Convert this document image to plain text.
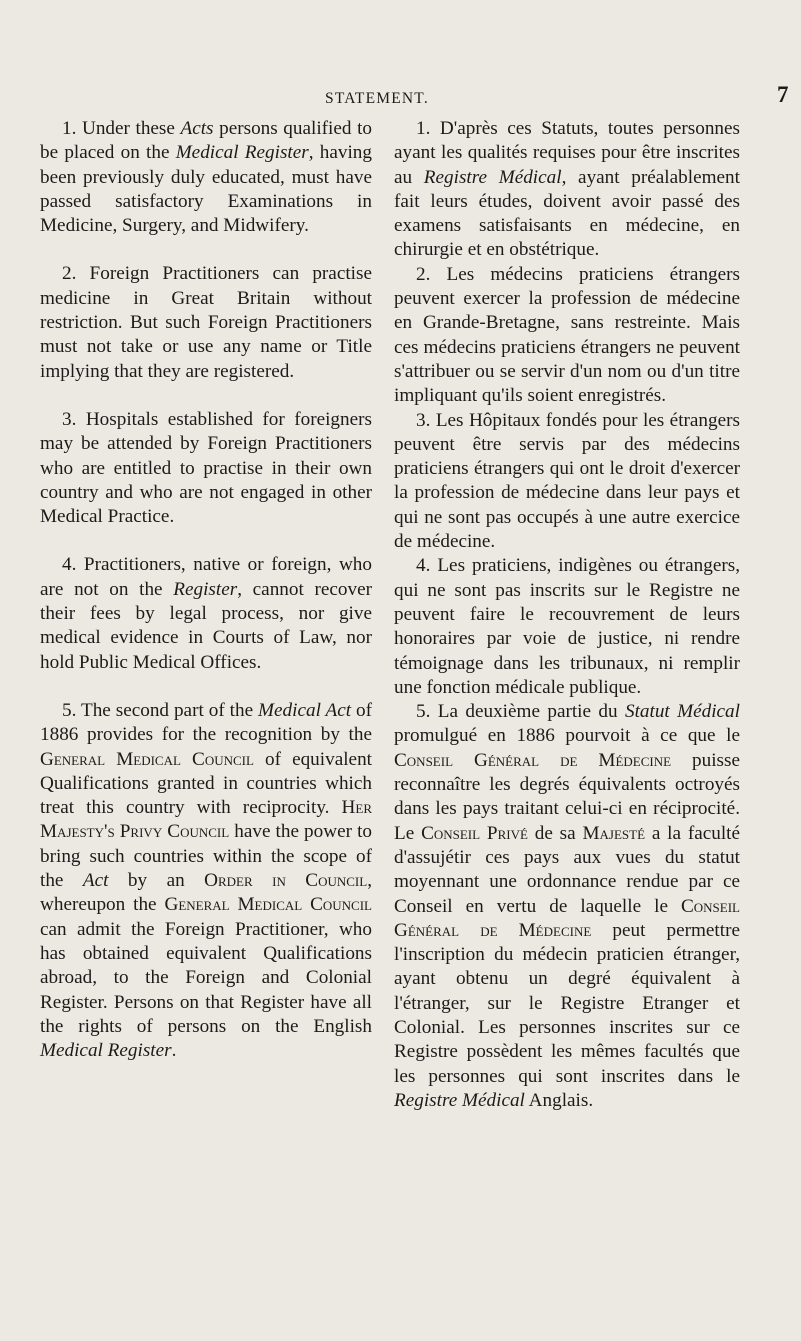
STATEMENT.	7

1. Under these Acts persons qualified to be placed on the Medical Register, having been previously duly educated, must have passed satisfactory Examinations in Medicine, Surgery, and Midwifery.

2. Foreign Practitioners can practise medicine in Great Britain without restriction. But such Foreign Practitioners must not take or use any name or Title implying that they are registered.

3. Hospitals established for foreigners may be attended by Foreign Practitioners who are entitled to practise in their own country and who are not engaged in other Medical Practice.

4. Practitioners, native or foreign, who are not on the Register, cannot recover their fees by legal process, nor give medical evidence in Courts of Law, nor hold Public Medical Offices.

5. The second part of the Medical Act of 1886 provides for the recognition by the General Medical Council of equivalent Qualifications granted in countries which treat this country with reciprocity. Her Majesty's Privy Council have the power to bring such countries within the scope of the Act by an Order in Council, whereupon the General Medical Council can admit the Foreign Practitioner, who has obtained equivalent Qualifications abroad, to the Foreign and Colonial Register. Persons on that Register have all the rights of persons on the English Medical Register.

1. D'après ces Statuts, toutes personnes ayant les qualités requises pour être inscrites au Registre Médical, ayant préalablement fait leurs études, doivent avoir passé des examens satisfaisants en médecine, en chirurgie et en obstétrique.

2. Les médecins praticiens étrangers peuvent exercer la profession de médecine en Grande-Bretagne, sans restreinte. Mais ces médecins praticiens étrangers ne peuvent s'attribuer ou se servir d'un nom ou d'un titre impliquant qu'ils soient enregistrés.

3. Les Hôpitaux fondés pour les étrangers peuvent être servis par des médecins praticiens étrangers qui ont le droit d'exercer la profession de médecine dans leur pays et qui ne sont pas occupés à une autre exercice de médecine.

4. Les praticiens, indigènes ou étrangers, qui ne sont pas inscrits sur le Registre ne peuvent faire le recouvrement de leurs honoraires par voie de justice, ni rendre témoignage dans les tribunaux, ni remplir une fonction médicale publique.

5. La deuxième partie du Statut Médical promulgué en 1886 pourvoit à ce que le Conseil Général de Médecine puisse reconnaître les degrés équivalents octroyés dans les pays traitant celui-ci en réciprocité. Le Conseil Privé de sa Majesté a la faculté d'assujétir ces pays aux vues du statut moyennant une ordonnance rendue par ce Conseil en vertu de laquelle le Conseil Général de Médecine peut permettre l'inscription du médecin praticien étranger, ayant obtenu un degré équivalent à l'étranger, sur le Registre Etranger et Colonial. Les personnes inscrites sur ce Registre possèdent les mêmes facultés que les personnes qui sont inscrites dans le Registre Médical Anglais.
